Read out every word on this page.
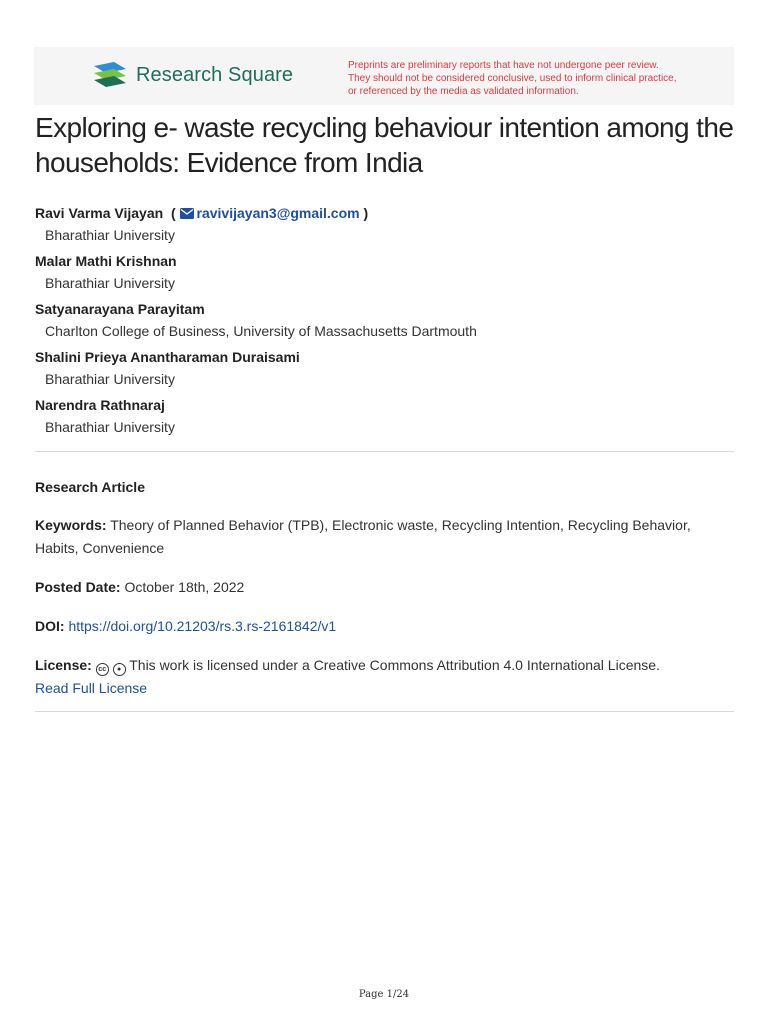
Research Square	Preprints are preliminary reports that have not undergone peer review.
They should not be considered conclusive, used to inform clinical practice,
or referenced by the media as validated information.
Exploring e- waste recycling behaviour intention among the households: Evidence from India
Ravi Varma Vijayan  ( ravivijayan3@gmail.com )
Bharathiar University
Malar Mathi Krishnan
Bharathiar University
Satyanarayana Parayitam
Charlton College of Business, University of Massachusetts Dartmouth
Shalini Prieya Anantharaman Duraisami
Bharathiar University
Narendra Rathnaraj
Bharathiar University
Research Article
Keywords: Theory of Planned Behavior (TPB), Electronic waste, Recycling Intention, Recycling Behavior, Habits, Convenience
Posted Date: October 18th, 2022
DOI: https://doi.org/10.21203/rs.3.rs-2161842/v1
License: cc ● This work is licensed under a Creative Commons Attribution 4.0 International License.
Read Full License
Page 1/24
